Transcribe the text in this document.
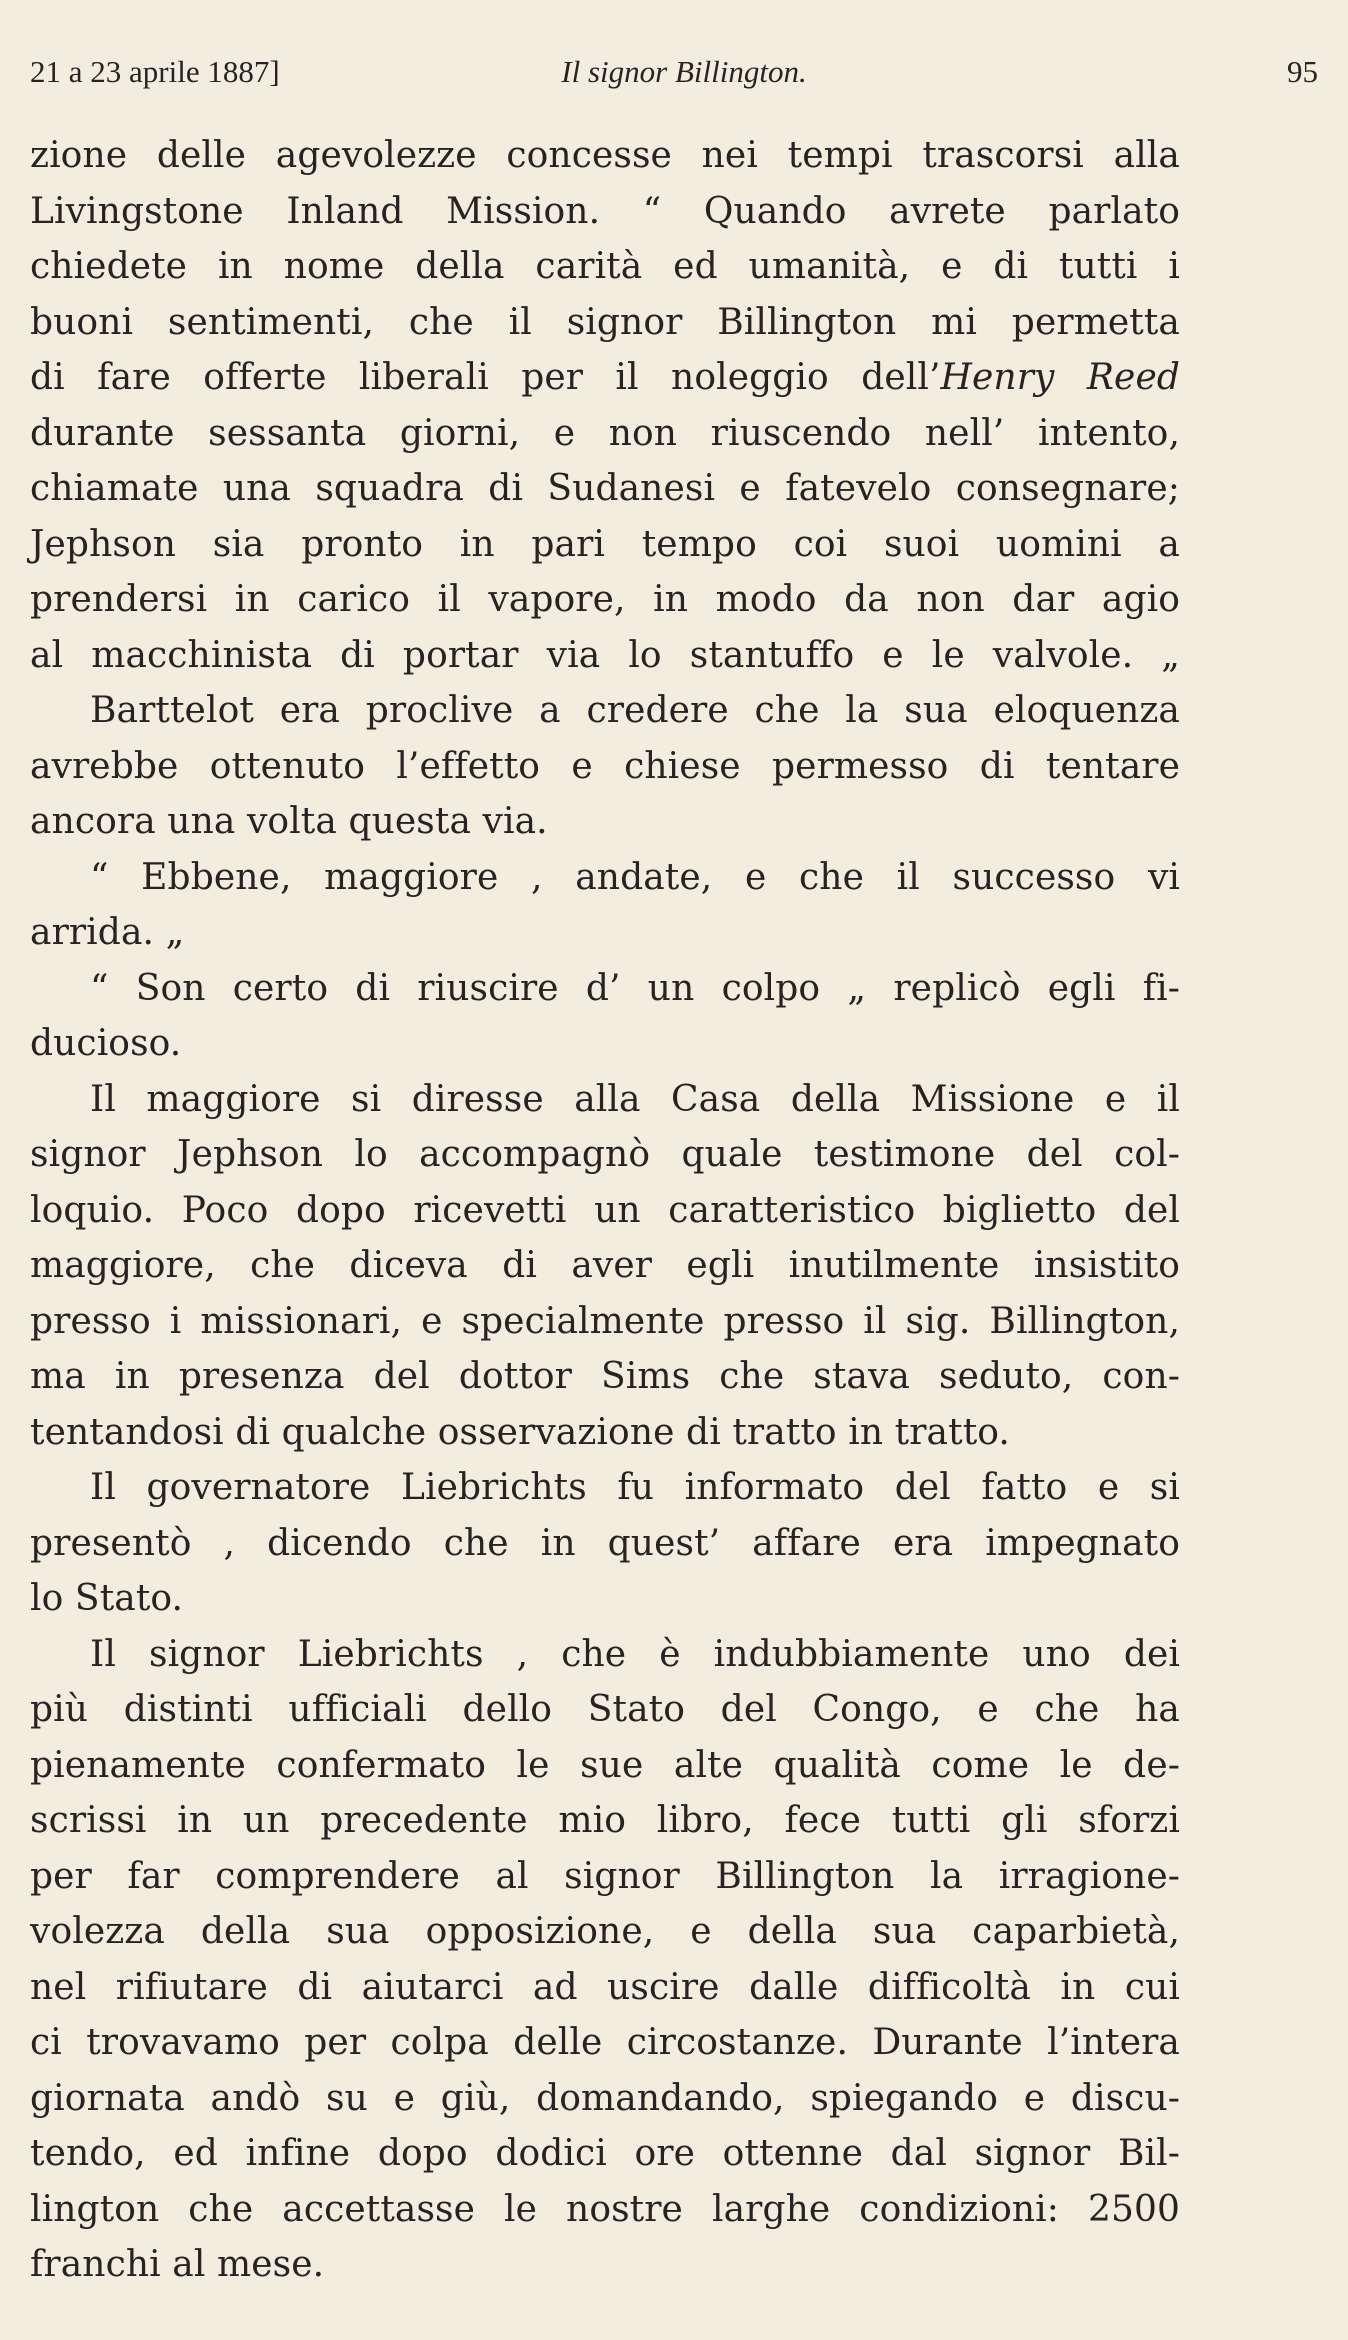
21 a 23 aprile 1887]	Il signor Billington.	95
zione delle agevolezze concesse nei tempi trascorsi alla
Livingstone Inland Mission. “ Quando avrete parlato
chiedete in nome della carità ed umanità, e di tutti i
buoni sentimenti, che il signor Billington mi permetta
di fare offerte liberali per il noleggio dell’Henry Reed
durante sessanta giorni, e non riuscendo nell’ intento,
chiamate una squadra di Sudanesi e fatevelo consegnare;
Jephson sia pronto in pari tempo coi suoi uomini a
prendersi in carico il vapore, in modo da non dar agio
al macchinista di portar via lo stantuffo e le valvole. „
Barttelot era proclive a credere che la sua eloquenza
avrebbe ottenuto l’effetto e chiese permesso di tentare
ancora una volta questa via.
“ Ebbene, maggiore , andate, e che il successo vi
arrida. „
“ Son certo di riuscire d’ un colpo „ replicò egli fi-
ducioso.
Il maggiore si diresse alla Casa della Missione e il
signor Jephson lo accompagnò quale testimone del col-
loquio. Poco dopo ricevetti un caratteristico biglietto del
maggiore, che diceva di aver egli inutilmente insistito
presso i missionari, e specialmente presso il sig. Billington,
ma in presenza del dottor Sims che stava seduto, con-
tentandosi di qualche osservazione di tratto in tratto.
Il governatore Liebrichts fu informato del fatto e si
presentò , dicendo che in quest’ affare era impegnato
lo Stato.
Il signor Liebrichts , che è indubbiamente uno dei
più distinti ufficiali dello Stato del Congo, e che ha
pienamente confermato le sue alte qualità come le de-
scrissi in un precedente mio libro, fece tutti gli sforzi
per far comprendere al signor Billington la irragione-
volezza della sua opposizione, e della sua caparbietà,
nel rifiutare di aiutarci ad uscire dalle difficoltà in cui
ci trovavamo per colpa delle circostanze. Durante l’intera
giornata andò su e giù, domandando, spiegando e discu-
tendo, ed infine dopo dodici ore ottenne dal signor Bil-
lington che accettasse le nostre larghe condizioni: 2500
franchi al mese.
